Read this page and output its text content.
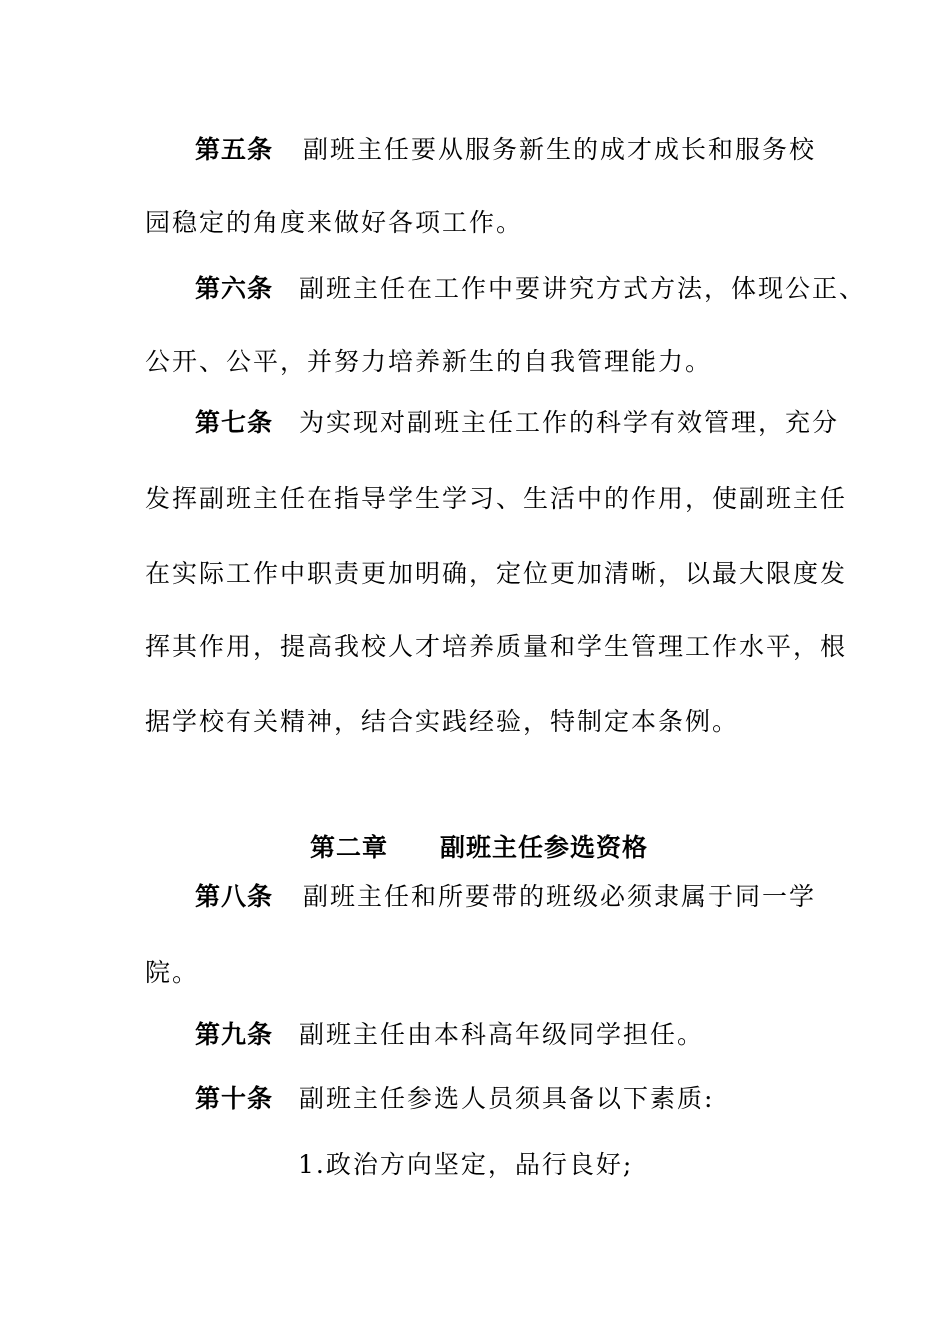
第五条 副班主任要从服务新生的成才成长和服务校
园稳定的角度来做好各项工作。
第六条 副班主任在工作中要讲究方式方法，体现公正、
公开、公平，并努力培养新生的自我管理能力。
第七条 为实现对副班主任工作的科学有效管理，充分
发挥副班主任在指导学生学习、生活中的作用，使副班主任
在实际工作中职责更加明确，定位更加清晰，以最大限度发
挥其作用，提高我校人才培养质量和学生管理工作水平，根
据学校有关精神，结合实践经验，特制定本条例。
第二章 副班主任参选资格
第八条 副班主任和所要带的班级必须隶属于同一学
院。
第九条 副班主任由本科高年级同学担任。
第十条 副班主任参选人员须具备以下素质:
1.政治方向坚定，品行良好;
